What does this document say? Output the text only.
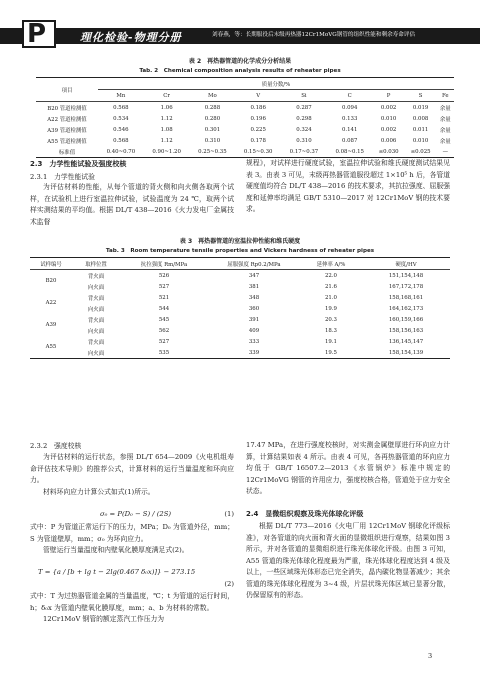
P	理化检验-物理分册	刘春燕，等：长期服役后末级再热器12Cr1MoVG钢管的组织性能和剩余寿命评估
表 2　再热器管道的化学成分分析结果
Tab. 2　Chemical composition analysis results of reheater pipes
项目	质量分数/%								
	Mn	Cr	Mo	V	Si	C	P	S	Fe
B20 管道检测值	0.568	1.06	0.288	0.186	0.287	0.094	0.002	0.019	余量
A22 管道检测值	0.534	1.12	0.280	0.196	0.298	0.133	0.010	0.008	余量
A39 管道检测值	0.546	1.08	0.301	0.225	0.324	0.141	0.002	0.011	余量
A55 管道检测值	0.568	1.12	0.310	0.178	0.310	0.087	0.006	0.010	余量
标准值	0.40~0.70	0.90~1.20	0.25~0.35	0.15~0.30	0.17~0.37	0.08~0.15	≤0.030	≤0.025	—
2.3　力学性能试验及强度校核
2.3.1　力学性能试验

为评估材料的性能，从每个管道的背火侧和向火侧各取两个试样，在试验机上进行室温拉伸试验，试验温度为 24 ℃，取两个试样实测结果的平均值。根据 DL/T 438—2016《火力发电厂金属技术监督

规程》，对试样进行硬度试验，室温拉伸试验和维氏硬度测试结果见表 3。由表 3 可见，末级再热器管道服役超过 1×10⁵ h 后，各管道硬度值均符合 DL/T 438—2016 的技术要求，其抗拉强度、屈服强度和延伸率均满足 GB/T 5310—2017 对 12Cr1MoV 钢的技术要求。

表 3　再热器管道的室温拉伸性能和维氏硬度
Tab. 3　Room temperature tensile properties and Vickers hardness of reheater pipes
试样编号	取样位置	抗拉强度 Rm/MPa	屈服强度 Rp0.2/MPa	延伸率 A/%	硬度/HV
B20	背火面	526	347	22.0	151,154,148
	向火面	527	381	21.6	167,172,178
A22	背火面	521	348	21.0	158,168,161
	向火面	544	360	19.9	164,162,173
A39	背火面	545	391	20.3	160,159,166
	向火面	562	409	18.3	158,156,163
A55	背火面	527	333	19.1	136,145,147
	向火面	535	339	19.5	158,154,139
2.3.2　强度校核

为评估材料的运行状态，参照 DL/T 654—2009《火电机组寿命评估技术导则》的推荐公式，计算材料的运行当量温度和环向应力。

材料环向应力计算公式如式(1)所示。

σ₀ = P(D₀ − S) / (2S)	(1)

式中：P 为管道正常运行下的压力，MPa；D₀ 为管道外径，mm；S 为管道壁厚，mm；σ₀ 为环向应力。

管壁运行当量温度和内壁氧化膜厚度满足式(2)。

T = {a / [b + lg t − 2lg(0.467 δ₀x)]} − 273.15
(2)

式中：T 为过热器管道金属的当量温度，℃；t 为管道的运行时间，h；δ₀x 为管道内壁氧化膜厚度，mm；a、b 为材料的常数。

12Cr1MoV 钢管的额定蒸汽工作压力为

17.47 MPa，在进行强度校核时，对实测金属壁厚进行环向应力计算，计算结果如表 4 所示。由表 4 可见，各再热器管道的环向应力均低于 GB/T 16507.2—2013《水管锅炉》标准中规定的 12Cr1MoVG 钢管的许用应力，强度校核合格，管道处于应力安全状态。

2.4　显微组织观察及珠光体球化评级

根据 DL/T 773—2016《火电厂用 12Cr1MoV 钢球化评级标准》，对各管道的向火面和背火面的显微组织进行观察，结果如图 3 所示，并对各管道的显微组织进行珠光体球化评级。由图 3 可知，A55 管道的珠光体球化程度最为严重，珠光体球化程度达到 4 级及以上，一些区域珠光体形态已完全消失，晶内碳化物显著减少；其余管道的珠光体球化程度为 3~4 级，片层状珠光体区域已显著分散，仍保留原有的形态。

3
